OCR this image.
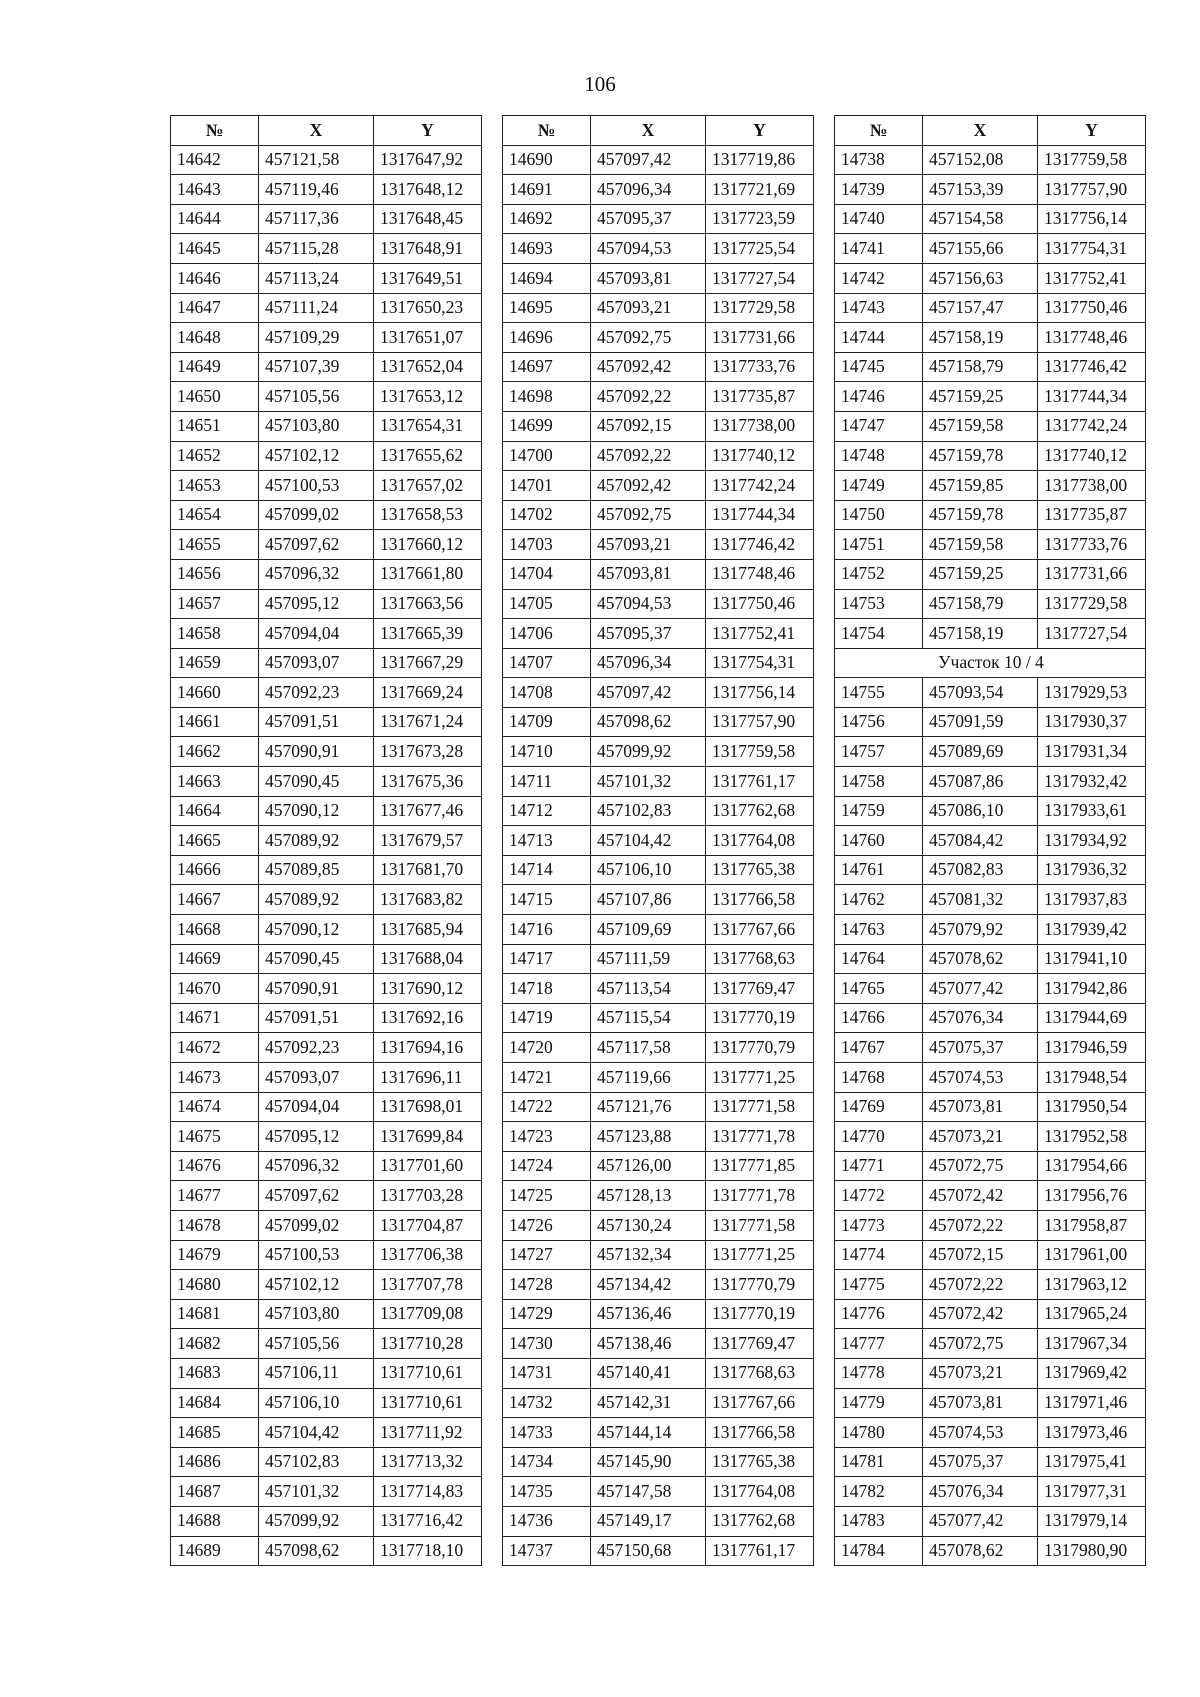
106
№	X	Y
14642	457121,58	1317647,92
14643	457119,46	1317648,12
14644	457117,36	1317648,45
14645	457115,28	1317648,91
14646	457113,24	1317649,51
14647	457111,24	1317650,23
14648	457109,29	1317651,07
14649	457107,39	1317652,04
14650	457105,56	1317653,12
14651	457103,80	1317654,31
14652	457102,12	1317655,62
14653	457100,53	1317657,02
14654	457099,02	1317658,53
14655	457097,62	1317660,12
14656	457096,32	1317661,80
14657	457095,12	1317663,56
14658	457094,04	1317665,39
14659	457093,07	1317667,29
14660	457092,23	1317669,24
14661	457091,51	1317671,24
14662	457090,91	1317673,28
14663	457090,45	1317675,36
14664	457090,12	1317677,46
14665	457089,92	1317679,57
14666	457089,85	1317681,70
14667	457089,92	1317683,82
14668	457090,12	1317685,94
14669	457090,45	1317688,04
14670	457090,91	1317690,12
14671	457091,51	1317692,16
14672	457092,23	1317694,16
14673	457093,07	1317696,11
14674	457094,04	1317698,01
14675	457095,12	1317699,84
14676	457096,32	1317701,60
14677	457097,62	1317703,28
14678	457099,02	1317704,87
14679	457100,53	1317706,38
14680	457102,12	1317707,78
14681	457103,80	1317709,08
14682	457105,56	1317710,28
14683	457106,11	1317710,61
14684	457106,10	1317710,61
14685	457104,42	1317711,92
14686	457102,83	1317713,32
14687	457101,32	1317714,83
14688	457099,92	1317716,42
14689	457098,62	1317718,10
№	X	Y
14690	457097,42	1317719,86
14691	457096,34	1317721,69
14692	457095,37	1317723,59
14693	457094,53	1317725,54
14694	457093,81	1317727,54
14695	457093,21	1317729,58
14696	457092,75	1317731,66
14697	457092,42	1317733,76
14698	457092,22	1317735,87
14699	457092,15	1317738,00
14700	457092,22	1317740,12
14701	457092,42	1317742,24
14702	457092,75	1317744,34
14703	457093,21	1317746,42
14704	457093,81	1317748,46
14705	457094,53	1317750,46
14706	457095,37	1317752,41
14707	457096,34	1317754,31
14708	457097,42	1317756,14
14709	457098,62	1317757,90
14710	457099,92	1317759,58
14711	457101,32	1317761,17
14712	457102,83	1317762,68
14713	457104,42	1317764,08
14714	457106,10	1317765,38
14715	457107,86	1317766,58
14716	457109,69	1317767,66
14717	457111,59	1317768,63
14718	457113,54	1317769,47
14719	457115,54	1317770,19
14720	457117,58	1317770,79
14721	457119,66	1317771,25
14722	457121,76	1317771,58
14723	457123,88	1317771,78
14724	457126,00	1317771,85
14725	457128,13	1317771,78
14726	457130,24	1317771,58
14727	457132,34	1317771,25
14728	457134,42	1317770,79
14729	457136,46	1317770,19
14730	457138,46	1317769,47
14731	457140,41	1317768,63
14732	457142,31	1317767,66
14733	457144,14	1317766,58
14734	457145,90	1317765,38
14735	457147,58	1317764,08
14736	457149,17	1317762,68
14737	457150,68	1317761,17
№	X	Y
14738	457152,08	1317759,58
14739	457153,39	1317757,90
14740	457154,58	1317756,14
14741	457155,66	1317754,31
14742	457156,63	1317752,41
14743	457157,47	1317750,46
14744	457158,19	1317748,46
14745	457158,79	1317746,42
14746	457159,25	1317744,34
14747	457159,58	1317742,24
14748	457159,78	1317740,12
14749	457159,85	1317738,00
14750	457159,78	1317735,87
14751	457159,58	1317733,76
14752	457159,25	1317731,66
14753	457158,79	1317729,58
14754	457158,19	1317727,54
Участок 10 / 4		
14755	457093,54	1317929,53
14756	457091,59	1317930,37
14757	457089,69	1317931,34
14758	457087,86	1317932,42
14759	457086,10	1317933,61
14760	457084,42	1317934,92
14761	457082,83	1317936,32
14762	457081,32	1317937,83
14763	457079,92	1317939,42
14764	457078,62	1317941,10
14765	457077,42	1317942,86
14766	457076,34	1317944,69
14767	457075,37	1317946,59
14768	457074,53	1317948,54
14769	457073,81	1317950,54
14770	457073,21	1317952,58
14771	457072,75	1317954,66
14772	457072,42	1317956,76
14773	457072,22	1317958,87
14774	457072,15	1317961,00
14775	457072,22	1317963,12
14776	457072,42	1317965,24
14777	457072,75	1317967,34
14778	457073,21	1317969,42
14779	457073,81	1317971,46
14780	457074,53	1317973,46
14781	457075,37	1317975,41
14782	457076,34	1317977,31
14783	457077,42	1317979,14
14784	457078,62	1317980,90
